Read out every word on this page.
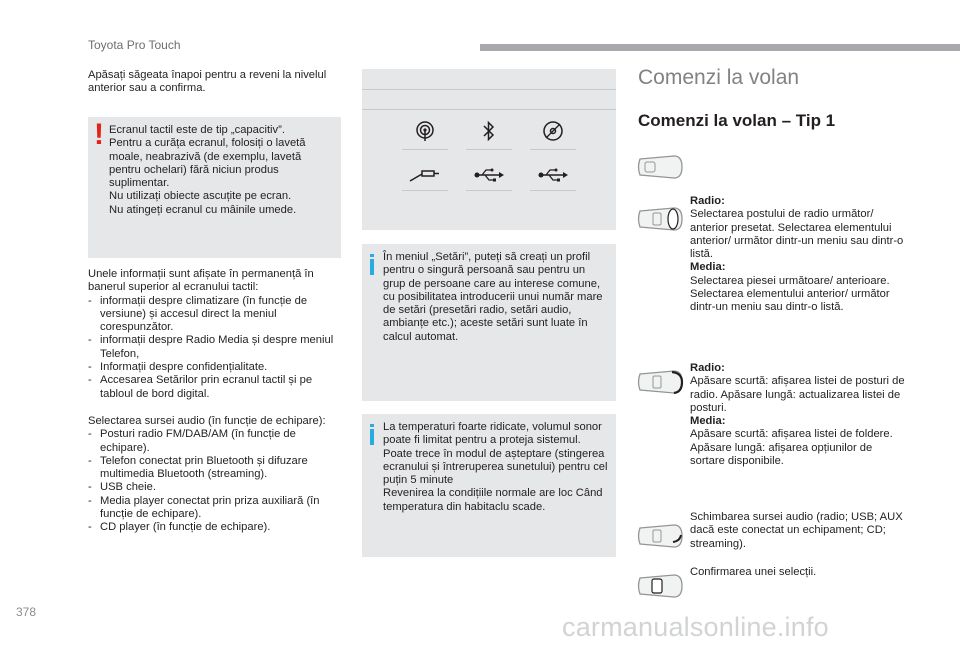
Toyota Pro Touch
Apăsați săgeata înapoi pentru a reveni la nivelul anterior sau a confirma.
! Ecranul tactil este de tip „capacitiv”.
Pentru a curăța ecranul, folosiți o lavetă moale, neabrazivă (de exemplu, lavetă pentru ochelari) fără niciun produs suplimentar.
Nu utilizați obiecte ascuțite pe ecran.
Nu atingeți ecranul cu mâinile umede.
Unele informații sunt afișate în permanență în banerul superior al ecranului tactil:
- informații despre climatizare (în funcție de versiune) și accesul direct la meniul corespunzător.
- informații despre Radio Media și despre meniul Telefon,
- Informații despre confidențialitate.
- Accesarea Setărilor prin ecranul tactil și pe tabloul de bord digital.
Selectarea sursei audio (în funcție de echipare):
- Posturi radio FM/DAB/AM (în funcție de echipare).
- Telefon conectat prin Bluetooth și difuzare multimedia Bluetooth (streaming).
- USB cheie.
- Media player conectat prin priza auxiliară (în funcție de echipare).
- CD player (în funcție de echipare).
În meniul „Setări”, puteți să creați un profil pentru o singură persoană sau pentru un grup de persoane care au interese comune, cu posibilitatea introducerii unui număr mare de setări (presetări radio, setări audio, ambianțe etc.); aceste setări sunt luate în calcul automat.
La temperaturi foarte ridicate, volumul sonor poate fi limitat pentru a proteja sistemul. Poate trece în modul de așteptare (stingerea ecranului și întreruperea sunetului) pentru cel puțin 5 minute
Revenirea la condițiile normale are loc Când temperatura din habitaclu scade.
Comenzi la volan
Comenzi la volan – Tip 1
Radio:
Selectarea postului de radio următor/ anterior presetat. Selectarea elementului anterior/ următor dintr-un meniu sau dintr-o listă.
Media:
Selectarea piesei următoare/ anterioare. Selectarea elementului anterior/ următor dintr-un meniu sau dintr-o listă.
Radio:
Apăsare scurtă: afișarea listei de posturi de radio. Apăsare lungă: actualizarea listei de posturi.
Media:
Apăsare scurtă: afișarea listei de foldere. Apăsare lungă: afișarea opțiunilor de sortare disponibile.
Schimbarea sursei audio (radio; USB; AUX dacă este conectat un echipament; CD; streaming).
Confirmarea unei selecții.
378	carmanualsonline.info
